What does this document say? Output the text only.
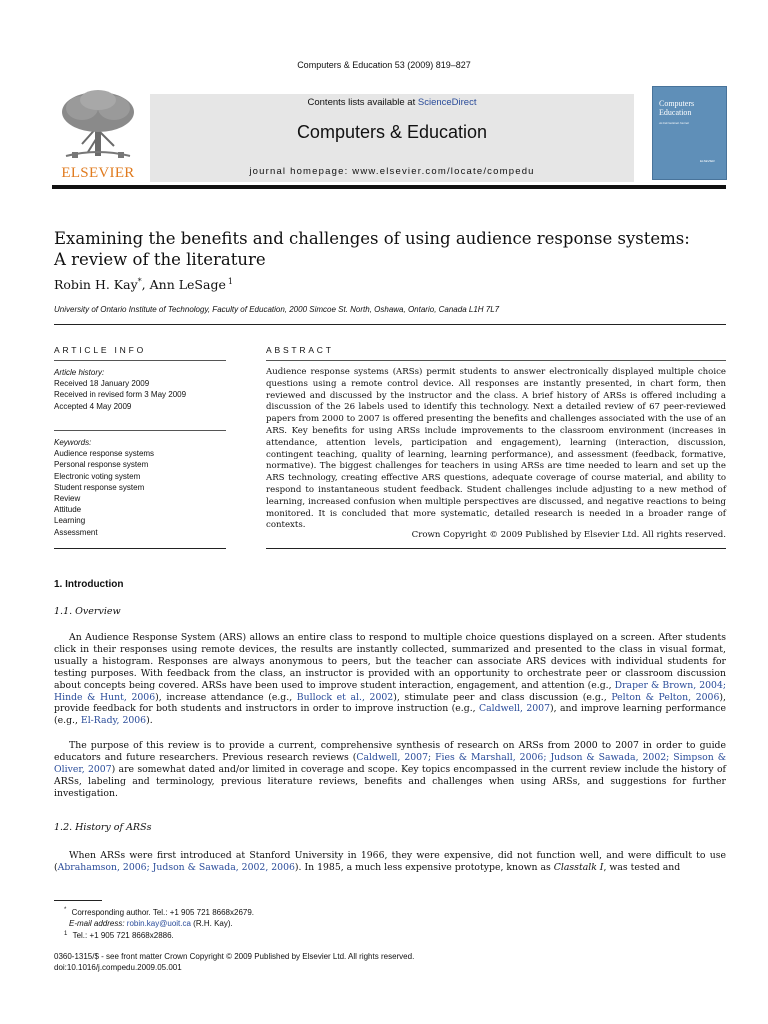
Computers & Education 53 (2009) 819–827
ELSEVIER
Contents lists available at ScienceDirect
Computers & Education
journal homepage: www.elsevier.com/locate/compedu
Computers Education
An International Journal
ELSEVIER
Examining the benefits and challenges of using audience response systems:
A review of the literature
Robin H. Kay*, Ann LeSage $^1$
University of Ontario Institute of Technology, Faculty of Education, 2000 Simcoe St. North, Oshawa, Ontario, Canada L1H 7L7
ARTICLE INFO
Article history:
Received 18 January 2009
Received in revised form 3 May 2009
Accepted 4 May 2009
Keywords:
Audience response systems
Personal response system
Electronic voting system
Student response system
Review
Attitude
Learning
Assessment
ABSTRACT
Audience response systems (ARSs) permit students to answer electronically displayed multiple choice questions using a remote control device. All responses are instantly presented, in chart form, then reviewed and discussed by the instructor and the class. A brief history of ARSs is offered including a discussion of the 26 labels used to identify this technology. Next a detailed review of 67 peer-reviewed papers from 2000 to 2007 is offered presenting the benefits and challenges associated with the use of an ARS. Key benefits for using ARSs include improvements to the classroom environment (increases in attendance, attention levels, participation and engagement), learning (interaction, discussion, contingent teaching, quality of learning, learning performance), and assessment (feedback, formative, normative). The biggest challenges for teachers in using ARSs are time needed to learn and set up the ARS technology, creating effective ARS questions, adequate coverage of course material, and ability to respond to instantaneous student feedback. Student challenges include adjusting to a new method of learning, increased confusion when multiple perspectives are discussed, and negative reactions to being monitored. It is concluded that more systematic, detailed research is needed in a broader range of contexts.
Crown Copyright © 2009 Published by Elsevier Ltd. All rights reserved.
1. Introduction
1.1. Overview
An Audience Response System (ARS) allows an entire class to respond to multiple choice questions displayed on a screen. After students click in their responses using remote devices, the results are instantly collected, summarized and presented to the class in visual format, usually a histogram. Responses are always anonymous to peers, but the teacher can associate ARS devices with individual students for testing purposes. With feedback from the class, an instructor is provided with an opportunity to orchestrate peer or classroom discussion about concepts being covered. ARSs have been used to improve student interaction, engagement, and attention (e.g., Draper & Brown, 2004; Hinde & Hunt, 2006), increase attendance (e.g., Bullock et al., 2002), stimulate peer and class discussion (e.g., Pelton & Pelton, 2006), provide feedback for both students and instructors in order to improve instruction (e.g., Caldwell, 2007), and improve learning performance (e.g., El-Rady, 2006).
The purpose of this review is to provide a current, comprehensive synthesis of research on ARSs from 2000 to 2007 in order to guide educators and future researchers. Previous research reviews (Caldwell, 2007; Fies & Marshall, 2006; Judson & Sawada, 2002; Simpson & Oliver, 2007) are somewhat dated and/or limited in coverage and scope. Key topics encompassed in the current review include the history of ARSs, labeling and terminology, previous literature reviews, benefits and challenges when using ARSs, and suggestions for further investigation.
1.2. History of ARSs
When ARSs were first introduced at Stanford University in 1966, they were expensive, did not function well, and were difficult to use (Abrahamson, 2006; Judson & Sawada, 2002, 2006). In 1985, a much less expensive prototype, known as Classtalk I, was tested and
* Corresponding author. Tel.: +1 905 721 8668x2679.
E-mail address: robin.kay@uoit.ca (R.H. Kay).
$^1$ Tel.: +1 905 721 8668x2886.
0360-1315/$ - see front matter Crown Copyright © 2009 Published by Elsevier Ltd. All rights reserved.
doi:10.1016/j.compedu.2009.05.001
